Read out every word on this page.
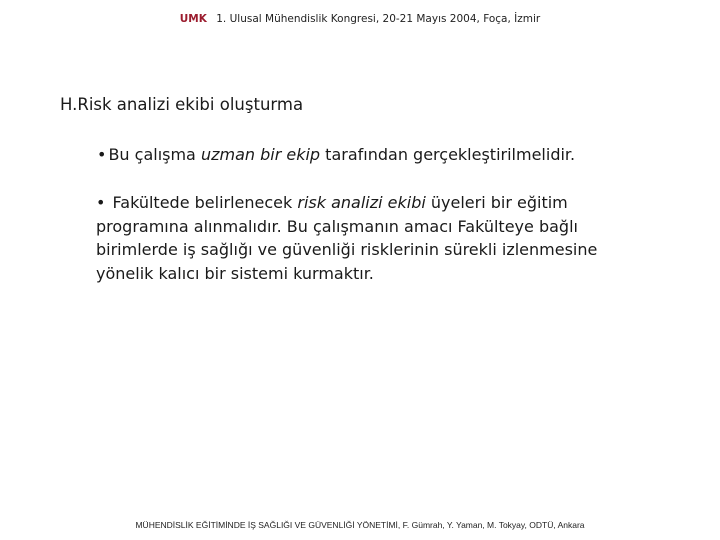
UMK 1. Ulusal Mühendislik Kongresi, 20-21 Mayıs 2004, Foça, İzmir
H.Risk analizi ekibi oluşturma
• Bu çalışma uzman bir ekip tarafından gerçekleştirilmelidir.
• Fakültede belirlenecek risk analizi ekibi üyeleri bir eğitim programına alınmalıdır. Bu çalışmanın amacı Fakülteye bağlı birimlerde iş sağlığı ve güvenliği risklerinin sürekli izlenmesine yönelik kalıcı bir sistemi kurmaktır.
MÜHENDİSLİK EĞİTİMİNDE İŞ SAĞLIĞI VE GÜVENLİĞİ YÖNETİMİ, F. Gümrah, Y. Yaman, M. Tokyay, ODTÜ, Ankara
